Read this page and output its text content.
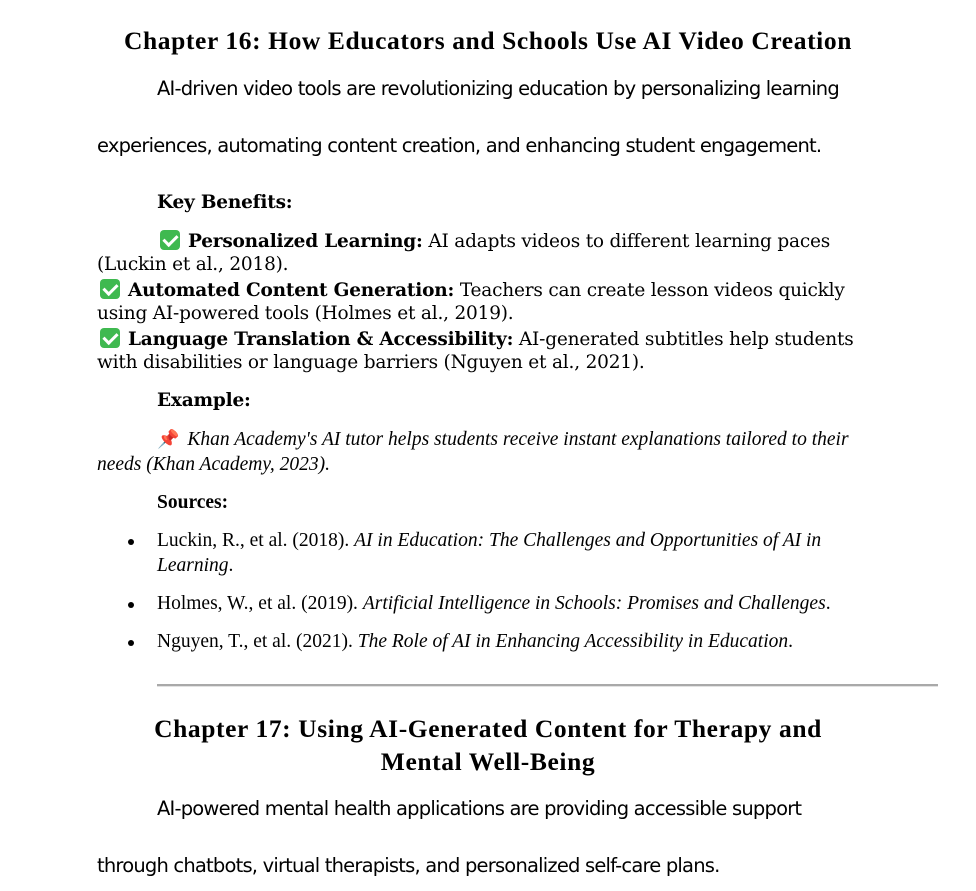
Chapter 16: How Educators and Schools Use AI Video Creation
AI-driven video tools are revolutionizing education by personalizing learning
experiences, automating content creation, and enhancing student engagement.
Key Benefits:
Personalized Learning: AI adapts videos to different learning paces
(Luckin et al., 2018).
Automated Content Generation: Teachers can create lesson videos quickly
using AI-powered tools (Holmes et al., 2019).
Language Translation & Accessibility: AI-generated subtitles help students
with disabilities or language barriers (Nguyen et al., 2021).
Example:
📌 Khan Academy's AI tutor helps students receive instant explanations tailored to their
needs (Khan Academy, 2023).
Sources:
Luckin, R., et al. (2018). AI in Education: The Challenges and Opportunities of AI in
Learning.
Holmes, W., et al. (2019). Artificial Intelligence in Schools: Promises and Challenges.
Nguyen, T., et al. (2021). The Role of AI in Enhancing Accessibility in Education.
Chapter 17: Using AI-Generated Content for Therapy and
Mental Well-Being
AI-powered mental health applications are providing accessible support
through chatbots, virtual therapists, and personalized self-care plans.
